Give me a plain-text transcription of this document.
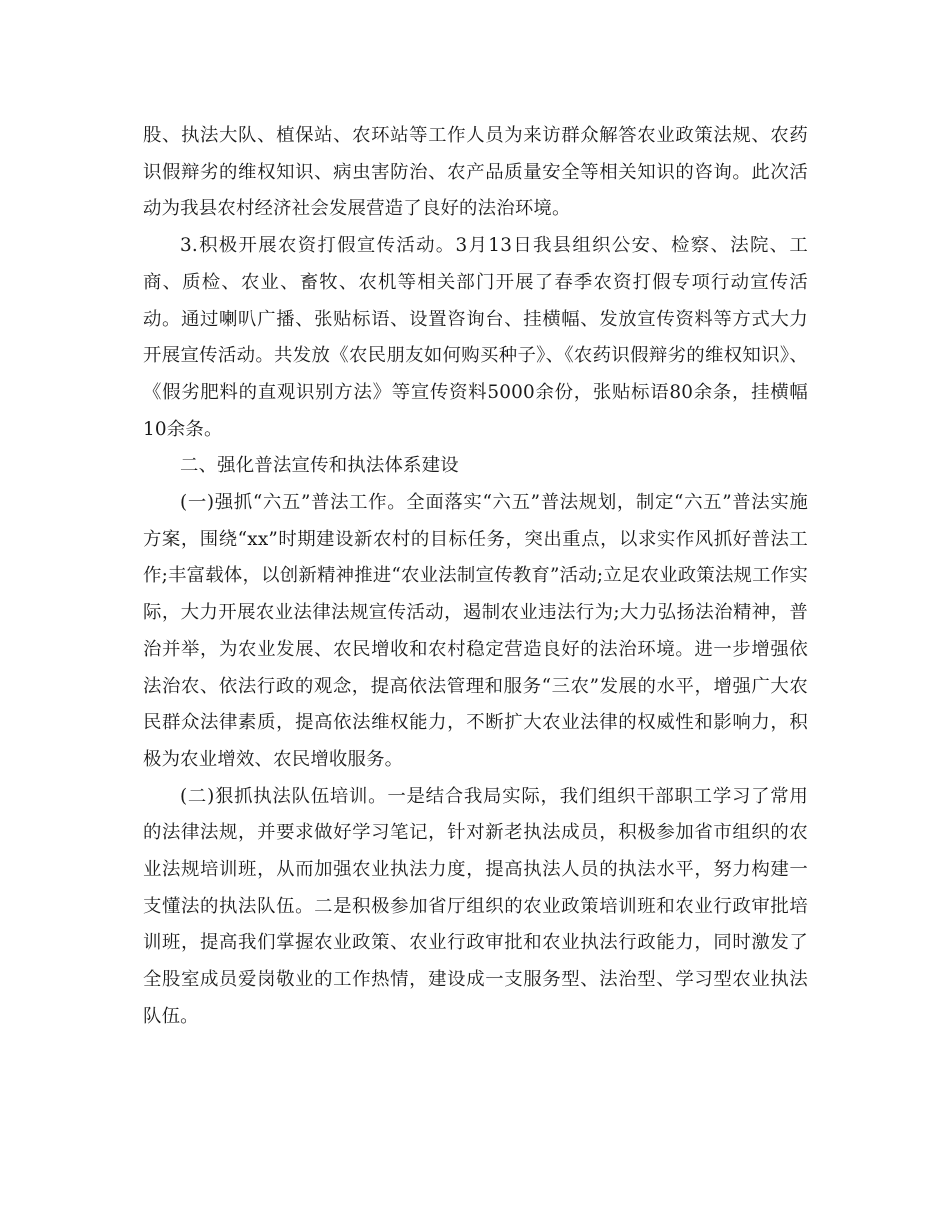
股、执法大队、植保站、农环站等工作人员为来访群众解答农业政策法规、农药识假辩劣的维权知识、病虫害防治、农产品质量安全等相关知识的咨询。此次活动为我县农村经济社会发展营造了良好的法治环境。

3.积极开展农资打假宣传活动。3月13日我县组织公安、检察、法院、工商、质检、农业、畜牧、农机等相关部门开展了春季农资打假专项行动宣传活动。通过喇叭广播、张贴标语、设置咨询台、挂横幅、发放宣传资料等方式大力开展宣传活动。共发放《农民朋友如何购买种子》、《农药识假辩劣的维权知识》、《假劣肥料的直观识别方法》等宣传资料5000余份，张贴标语80余条，挂横幅10余条。

二、强化普法宣传和执法体系建设

(一)强抓“六五”普法工作。全面落实“六五”普法规划，制定“六五”普法实施方案，围绕“xx”时期建设新农村的目标任务，突出重点，以求实作风抓好普法工作;丰富载体，以创新精神推进“农业法制宣传教育”活动;立足农业政策法规工作实际，大力开展农业法律法规宣传活动，遏制农业违法行为;大力弘扬法治精神，普治并举，为农业发展、农民增收和农村稳定营造良好的法治环境。进一步增强依法治农、依法行政的观念，提高依法管理和服务“三农”发展的水平，增强广大农民群众法律素质，提高依法维权能力，不断扩大农业法律的权威性和影响力，积极为农业增效、农民增收服务。

(二)狠抓执法队伍培训。一是结合我局实际，我们组织干部职工学习了常用的法律法规，并要求做好学习笔记，针对新老执法成员，积极参加省市组织的农业法规培训班，从而加强农业执法力度，提高执法人员的执法水平，努力构建一支懂法的执法队伍。二是积极参加省厅组织的农业政策培训班和农业行政审批培训班，提高我们掌握农业政策、农业行政审批和农业执法行政能力，同时激发了全股室成员爱岗敬业的工作热情，建设成一支服务型、法治型、学习型农业执法队伍。
